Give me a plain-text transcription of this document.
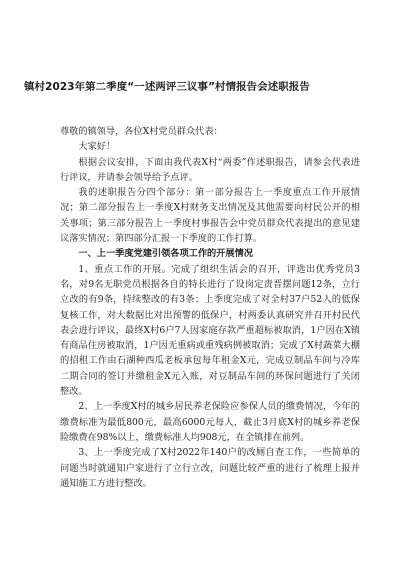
镇村2023年第二季度“一述两评三议事”村情报告会述职报告

尊敬的镇领导，各位X村党员群众代表：

大家好！

根据会议安排，下面由我代表X村“两委”作述职报告，请参会代表进行评议，并请参会领导给予点评。

我的述职报告分四个部分：第一部分报告上一季度重点工作开展情况；第二部分报告上一季度X村财务支出情况及其他需要向村民公开的相关事项；第三部分报告上一季度村事报告会中党员群众代表提出的意见建议落实情况；第四部分汇报一下季度的工作打算。

一、上一季度党建引领各项工作的开展情况

1、重点工作的开展。完成了组织生活会的召开，评选出优秀党员3名，对9名无职党员根据各自的特长进行了设岗定责晋摆问题12条，立行立改的有9条，持续整改的有3条；上季度完成了对全村37户52人的低保复核工作，对大数据比对出预警的低保户，村两委认真研究并召开村民代表会进行评议，最终X村6户7人因家庭存款严重超标被取消，1户因在X镇有商品住房被取消，1户因无重病或重残病例被取消；完成了X村蔬菜大棚的招租工作由石湖种西瓜老板承包每年租金X元，完成豆制品车间与冷库二期合同的签订并缴租金X元入账，对豆制品车间的环保问题进行了关闭整改。

2、上一季度X村的城乡居民养老保险应参保人员的缴费情况，今年的缴费标准为最低800元，最高6000元每人，截止3月底X村的城乡养老保险缴费在98%以上，缴费标准人均908元，在全镇排在前列。

3、上一季度完成了X村2022年140户的改厕自查工作，一些简单的问题当时就通知户家进行了立行立改，问题比较严重的进行了梳理上报并通知施工方进行整改。
